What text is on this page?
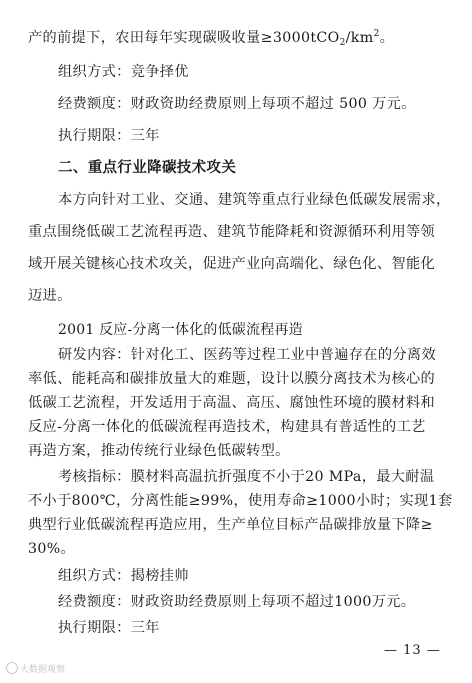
产的前提下，农田每年实现碳吸收量$\ge 3000tCO_2/km^2$。
组织方式：竞争择优
经费额度：财政资助经费原则上每项不超过 500 万元。
执行期限：三年
二、重点行业降碳技术攻关
本方向针对工业、交通、建筑等重点行业绿色低碳发展需求，
重点围绕低碳工艺流程再造、建筑节能降耗和资源循环利用等领
域开展关键核心技术攻关，促进产业向高端化、绿色化、智能化
迈进。
2001 反应-分离一体化的低碳流程再造
研发内容：针对化工、医药等过程工业中普遍存在的分离效
率低、能耗高和碳排放量大的难题，设计以膜分离技术为核心的
低碳工艺流程，开发适用于高温、高压、腐蚀性环境的膜材料和
反应-分离一体化的低碳流程再造技术，构建具有普适性的工艺
再造方案，推动传统行业绿色低碳转型。
考核指标：膜材料高温抗折强度不小于20 MPa，最大耐温
不小于800℃，分离性能≥99%，使用寿命≥1000小时；实现1套
典型行业低碳流程再造应用，生产单位目标产品碳排放量下降≥
30%。
— 13 —
大数据观察
组织方式：揭榜挂帅
经费额度：财政资助经费原则上每项不超过1000万元。
执行期限：三年
